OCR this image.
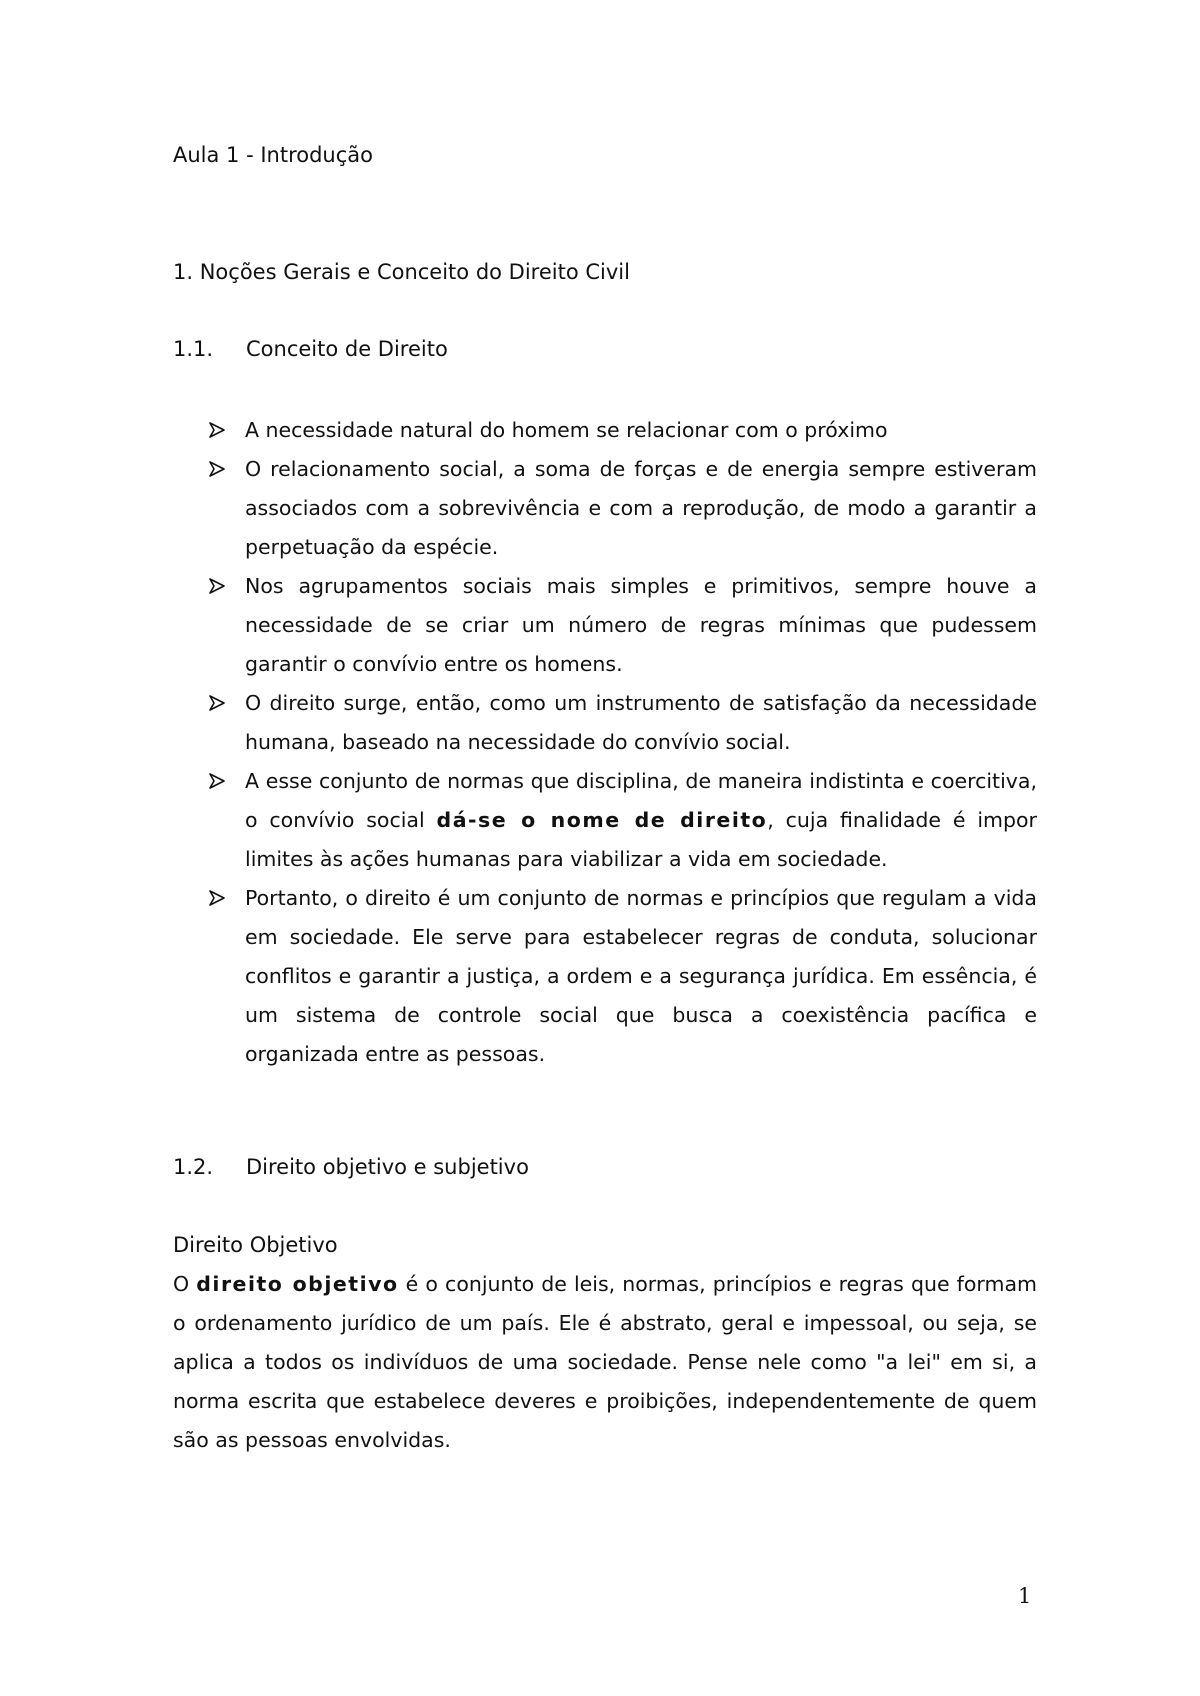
Aula 1 - Introdução
1. Noções Gerais e Conceito do Direito Civil
1.1. Conceito de Direito
A necessidade natural do homem se relacionar com o próximo
O relacionamento social, a soma de forças e de energia sempre estiveram associados com a sobrevivência e com a reprodução, de modo a garantir a perpetuação da espécie.
Nos agrupamentos sociais mais simples e primitivos, sempre houve a necessidade de se criar um número de regras mínimas que pudessem garantir o convívio entre os homens.
O direito surge, então, como um instrumento de satisfação da necessidade humana, baseado na necessidade do convívio social.
A esse conjunto de normas que disciplina, de maneira indistinta e coercitiva, o convívio social dá-se o nome de direito, cuja finalidade é impor limites às ações humanas para viabilizar a vida em sociedade.
Portanto, o direito é um conjunto de normas e princípios que regulam a vida em sociedade. Ele serve para estabelecer regras de conduta, solucionar conflitos e garantir a justiça, a ordem e a segurança jurídica. Em essência, é um sistema de controle social que busca a coexistência pacífica e organizada entre as pessoas.
1.2. Direito objetivo e subjetivo
Direito Objetivo

O direito objetivo é o conjunto de leis, normas, princípios e regras que formam o ordenamento jurídico de um país. Ele é abstrato, geral e impessoal, ou seja, se aplica a todos os indivíduos de uma sociedade. Pense nele como "a lei" em si, a norma escrita que estabelece deveres e proibições, independentemente de quem são as pessoas envolvidas.

1
